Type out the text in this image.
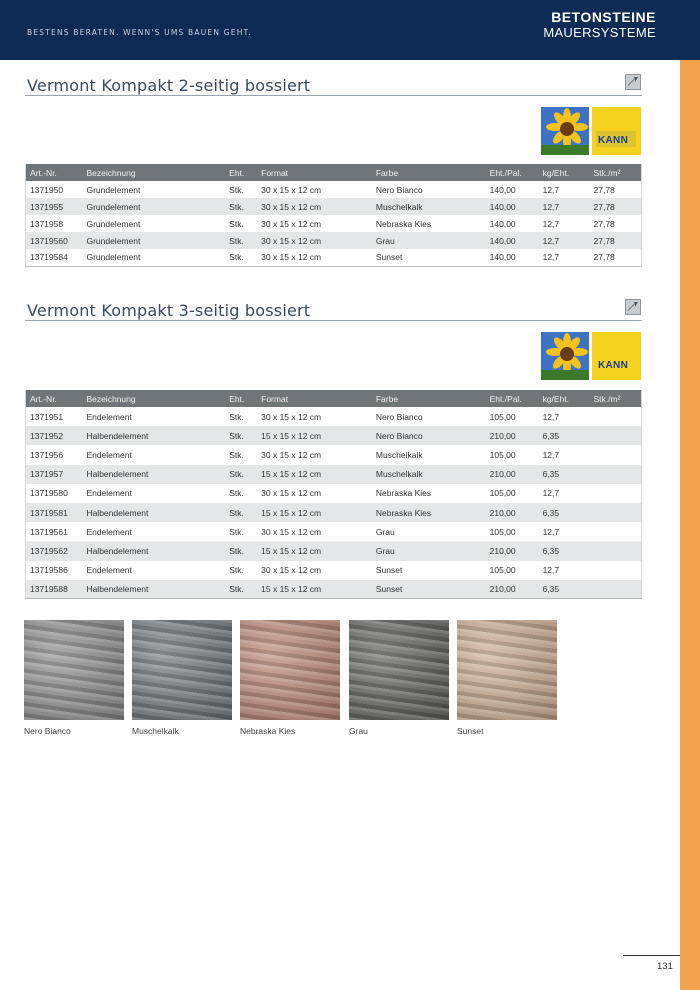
BESTENS BERATEN. WENN'S UMS BAUEN GEHT.
BETONSTEINE
MAUERSYSTEME
Vermont Kompakt 2-seitig bossiert
KANN
Art.-Nr.	Bezeichnung	Eht.	Format	Farbe	Eht./Pal.	kg/Eht.	Stk./m²
1371950	Grundelement	Stk.	30 x 15 x 12 cm	Nero Bianco	140,00	12,7	27,78
1371955	Grundelement	Stk.	30 x 15 x 12 cm	Muschelkalk	140,00	12,7	27,78
1371958	Grundelement	Stk.	30 x 15 x 12 cm	Nebraska Kies	140,00	12,7	27,78
13719560	Grundelement	Stk.	30 x 15 x 12 cm	Grau	140,00	12,7	27,78
13719584	Grundelement	Stk.	30 x 15 x 12 cm	Sunset	140,00	12,7	27,78
Vermont Kompakt 3-seitig bossiert
KANN
Art.-Nr.	Bezeichnung	Eht.	Format	Farbe	Eht./Pal.	kg/Eht.	Stk./m²
1371951	Endelement	Stk.	30 x 15 x 12 cm	Nero Bianco	105,00	12,7	
1371952	Halbendelement	Stk.	15 x 15 x 12 cm	Nero Bianco	210,00	6,35	
1371956	Endelement	Stk.	30 x 15 x 12 cm	Muschelkalk	105,00	12,7	
1371957	Halbendelement	Stk.	15 x 15 x 12 cm	Muschelkalk	210,00	6,35	
13719580	Endelement	Stk.	30 x 15 x 12 cm	Nebraska Kies	105,00	12,7	
13719581	Halbendelement	Stk.	15 x 15 x 12 cm	Nebraska Kies	210,00	6,35	
13719561	Endelement	Stk.	30 x 15 x 12 cm	Grau	105,00	12,7	
13719562	Halbendelement	Stk.	15 x 15 x 12 cm	Grau	210,00	6,35	
13719586	Endelement	Stk.	30 x 15 x 12 cm	Sunset	105,00	12,7	
13719588	Halbendelement	Stk.	15 x 15 x 12 cm	Sunset	210,00	6,35	
Nero Bianco	Muschelkalk	Nebraska Kies	Grau	Sunset
131
